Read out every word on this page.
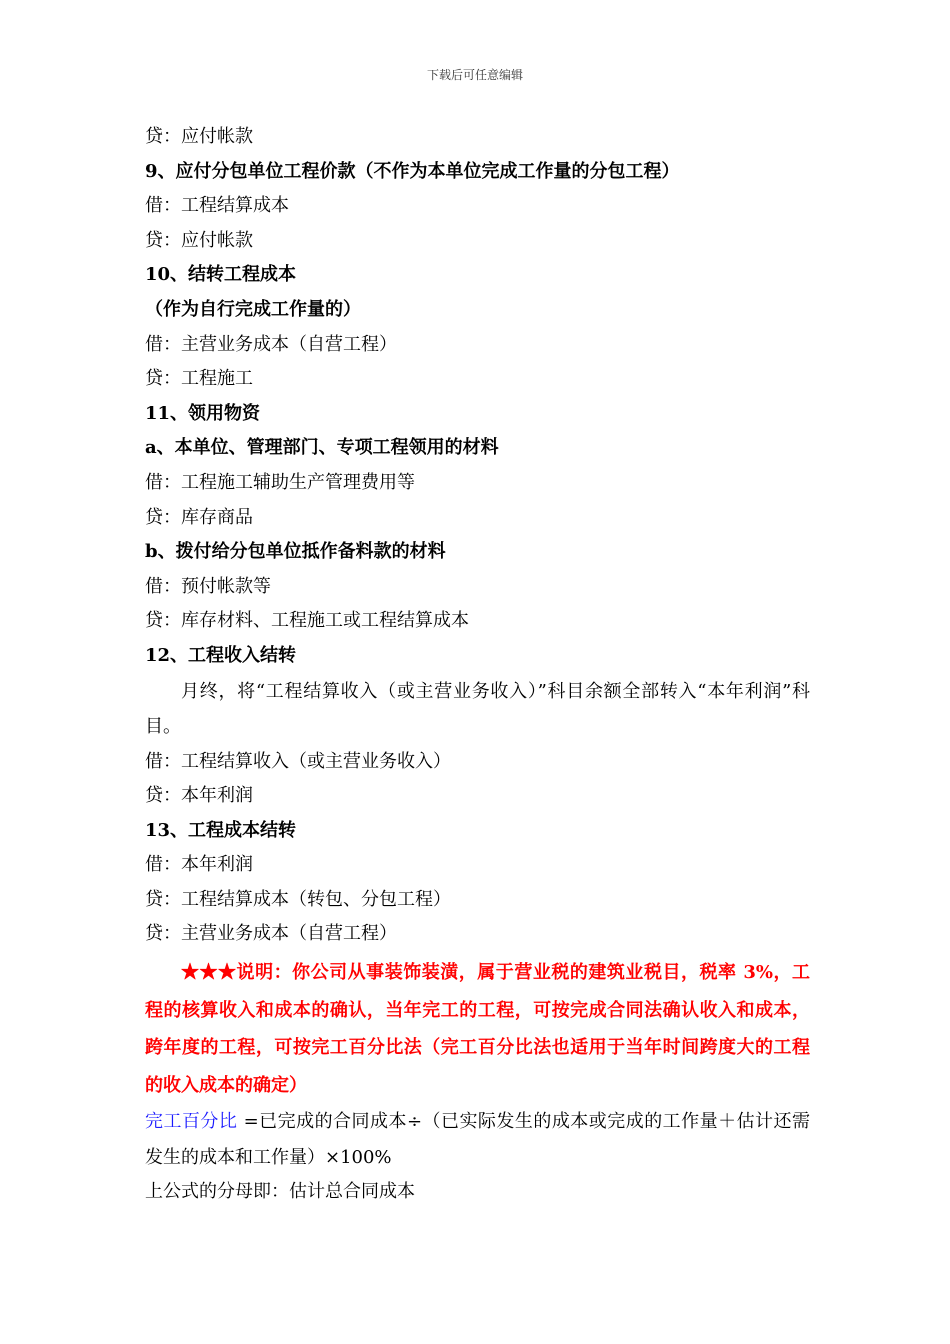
下载后可任意编辑
贷：应付帐款
9、应付分包单位工程价款（不作为本单位完成工作量的分包工程）
借：工程结算成本
贷：应付帐款
10、结转工程成本
（作为自行完成工作量的）
借：主营业务成本（自营工程）
贷：工程施工
11、领用物资
a、本单位、管理部门、专项工程领用的材料
借：工程施工辅助生产管理费用等
贷：库存商品
b、拨付给分包单位抵作备料款的材料
借：预付帐款等
贷：库存材料、工程施工或工程结算成本
12、工程收入结转
月终，将“工程结算收入（或主营业务收入）”科目余额全部转入“本年利润”科目。
借：工程结算收入（或主营业务收入）
贷：本年利润
13、工程成本结转
借：本年利润
贷：工程结算成本（转包、分包工程）
贷：主营业务成本（自营工程）
★★★说明：你公司从事装饰装潢，属于营业税的建筑业税目，税率 3%，工程的核算收入和成本的确认，当年完工的工程，可按完成合同法确认收入和成本，跨年度的工程，可按完工百分比法（完工百分比法也适用于当年时间跨度大的工程的收入成本的确定）
完工百分比 =已完成的合同成本÷（已实际发生的成本或完成的工作量＋估计还需发生的成本和工作量）×100%
上公式的分母即：估计总合同成本
